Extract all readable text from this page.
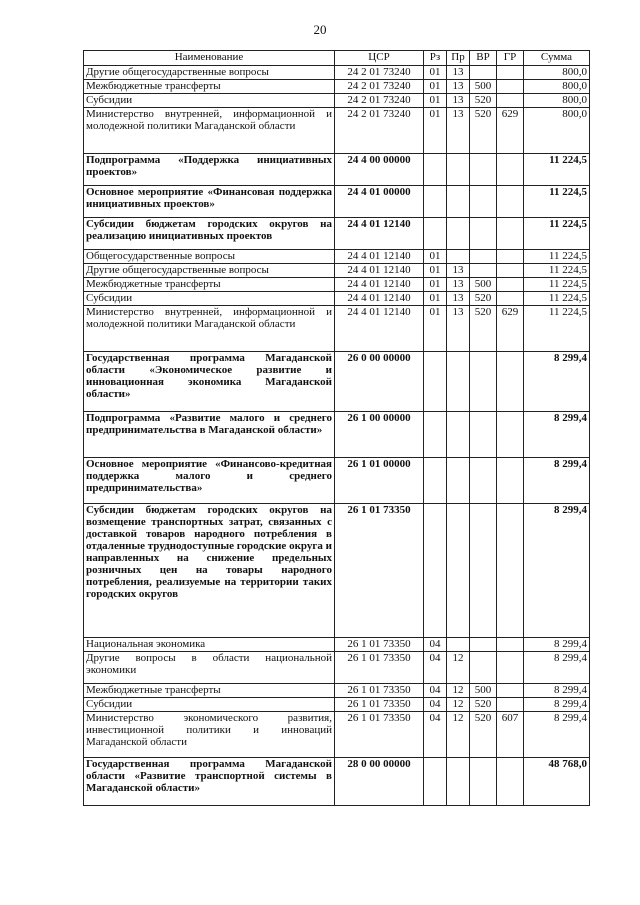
20
Наименование	ЦСР	Рз	Пр	ВР	ГР	Сумма
Другие общегосударственные вопросы	24 2 01 73240	01	13			800,0
Межбюджетные трансферты	24 2 01 73240	01	13	500		800,0
Субсидии	24 2 01 73240	01	13	520		800,0
Министерство внутренней, информационной и молодежной политики Магаданской области	24 2 01 73240	01	13	520	629	800,0
Подпрограмма «Поддержка инициативных проектов»	24 4 00 00000					11 224,5
Основное мероприятие «Финансовая поддержка инициативных проектов»	24 4 01 00000					11 224,5
Субсидии бюджетам городских округов на реализацию инициативных проектов	24 4 01 12140					11 224,5
Общегосударственные вопросы	24 4 01 12140	01				11 224,5
Другие общегосударственные вопросы	24 4 01 12140	01	13			11 224,5
Межбюджетные трансферты	24 4 01 12140	01	13	500		11 224,5
Субсидии	24 4 01 12140	01	13	520		11 224,5
Министерство внутренней, информационной и молодежной политики Магаданской области	24 4 01 12140	01	13	520	629	11 224,5
Государственная программа Магаданской области «Экономическое развитие и инновационная экономика Магаданской области»	26 0 00 00000					8 299,4
Подпрограмма «Развитие малого и среднего предпринимательства в Магаданской области»	26 1 00 00000					8 299,4
Основное мероприятие «Финансово-кредитная поддержка малого и среднего предпринимательства»	26 1 01 00000					8 299,4
Субсидии бюджетам городских округов на возмещение транспортных затрат, связанных с доставкой товаров народного потребления в отдаленные труднодоступные городские округа и направленных на снижение предельных розничных цен на товары народного потребления, реализуемые на территории таких городских округов	26 1 01 73350					8 299,4
Национальная экономика	26 1 01 73350	04				8 299,4
Другие вопросы в области национальной экономики	26 1 01 73350	04	12			8 299,4
Межбюджетные трансферты	26 1 01 73350	04	12	500		8 299,4
Субсидии	26 1 01 73350	04	12	520		8 299,4
Министерство экономического развития, инвестиционной политики и инноваций Магаданской области	26 1 01 73350	04	12	520	607	8 299,4
Государственная программа Магаданской области «Развитие транспортной системы в Магаданской области»	28 0 00 00000					48 768,0
